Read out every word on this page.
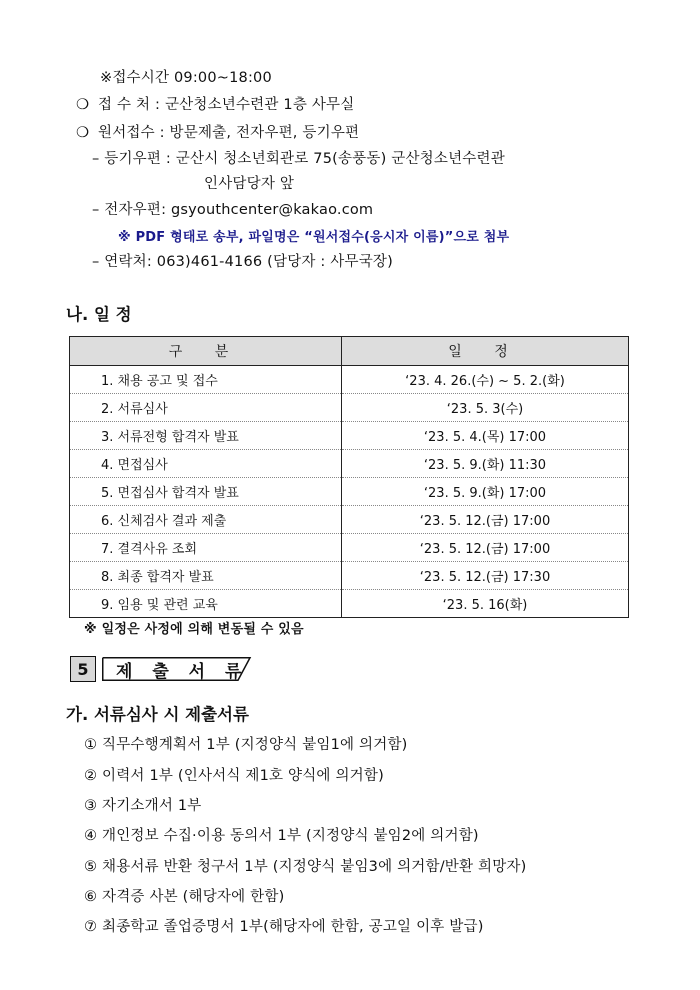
※접수시간 09:00~18:00
❍ 접 수 처 : 군산청소년수련관 1층 사무실
❍ 원서접수 : 방문제출, 전자우편, 등기우편
– 등기우편 : 군산시 청소년회관로 75(송풍동) 군산청소년수련관
인사담당자 앞
– 전자우편: gsyouthcenter@kakao.com
※ PDF 형태로 송부, 파일명은 “원서접수(응시자 이름)”으로 첨부
– 연락처: 063)461-4166 (담당자 : 사무국장)
나. 일 정
구 분	일 정
1. 채용 공고 및 접수	‘23. 4. 26.(수) ~ 5. 2.(화)
2. 서류심사	‘23. 5. 3(수)
3. 서류전형 합격자 발표	‘23. 5. 4.(목) 17:00
4. 면접심사	‘23. 5. 9.(화) 11:30
5. 면접심사 합격자 발표	‘23. 5. 9.(화) 17:00
6. 신체검사 결과 제출	‘23. 5. 12.(금) 17:00
7. 결격사유 조회	‘23. 5. 12.(금) 17:00
8. 최종 합격자 발표	‘23. 5. 12.(금) 17:30
9. 임용 및 관련 교육	‘23. 5. 16(화)
※ 일정은 사정에 의해 변동될 수 있음
5	제 출 서 류
가. 서류심사 시 제출서류
① 직무수행계획서 1부 (지정양식 붙임1에 의거함)
② 이력서 1부 (인사서식 제1호 양식에 의거함)
③ 자기소개서 1부
④ 개인정보 수집·이용 동의서 1부 (지정양식 붙임2에 의거함)
⑤ 채용서류 반환 청구서 1부 (지정양식 붙임3에 의거함/반환 희망자)
⑥ 자격증 사본 (해당자에 한함)
⑦ 최종학교 졸업증명서 1부(해당자에 한함, 공고일 이후 발급)
